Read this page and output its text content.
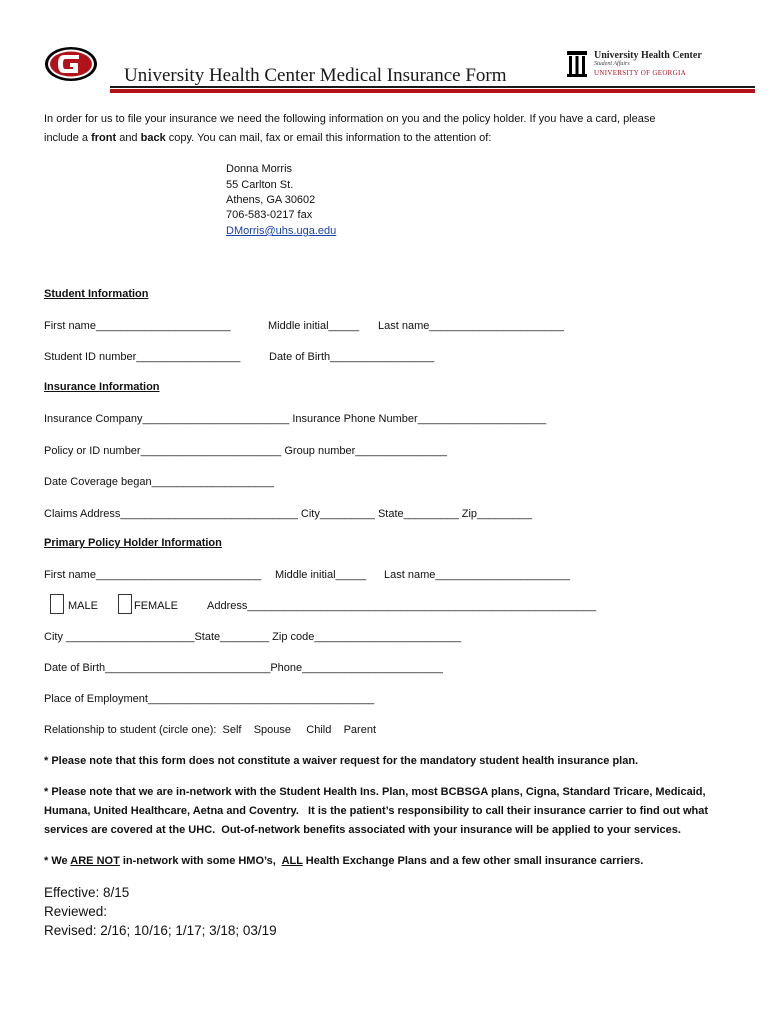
University Health Center Medical Insurance Form
University Health Center
Student Affairs
UNIVERSITY OF GEORGIA
In order for us to file your insurance we need the following information on you and the policy holder. If you have a card, please
include a front and back copy. You can mail, fax or email this information to the attention of:
Donna Morris
55 Carlton St.
Athens, GA 30602
706-583-0217 fax
DMorris@uhs.uga.edu
Student Information
First name______________________	Middle initial_____ Last name______________________
Student ID number_________________	Date of Birth_________________
Insurance Information
Insurance Company________________________ Insurance Phone Number_____________________
Policy or ID number_______________________ Group number_______________
Date Coverage began____________________
Claims Address_____________________________ City_________ State_________ Zip_________
Primary Policy Holder Information
First name___________________________ Middle initial_____ Last name______________________
MALE	FEMALE	Address_________________________________________________________
City _____________________State________ Zip code________________________
Date of Birth___________________________Phone_______________________
Place of Employment_____________________________________
Relationship to student (circle one):  Self    Spouse     Child    Parent
* Please note that this form does not constitute a waiver request for the mandatory student health insurance plan.
* Please note that we are in-network with the Student Health Ins. Plan, most BCBSGA plans, Cigna, Standard Tricare, Medicaid,
Humana, United Healthcare, Aetna and Coventry.   It is the patient’s responsibility to call their insurance carrier to find out what
services are covered at the UHC.  Out-of-network benefits associated with your insurance will be applied to your services.
* We ARE NOT in-network with some HMO’s,  ALL Health Exchange Plans and a few other small insurance carriers.
Effective: 8/15
Reviewed:
Revised: 2/16; 10/16; 1/17; 3/18; 03/19
